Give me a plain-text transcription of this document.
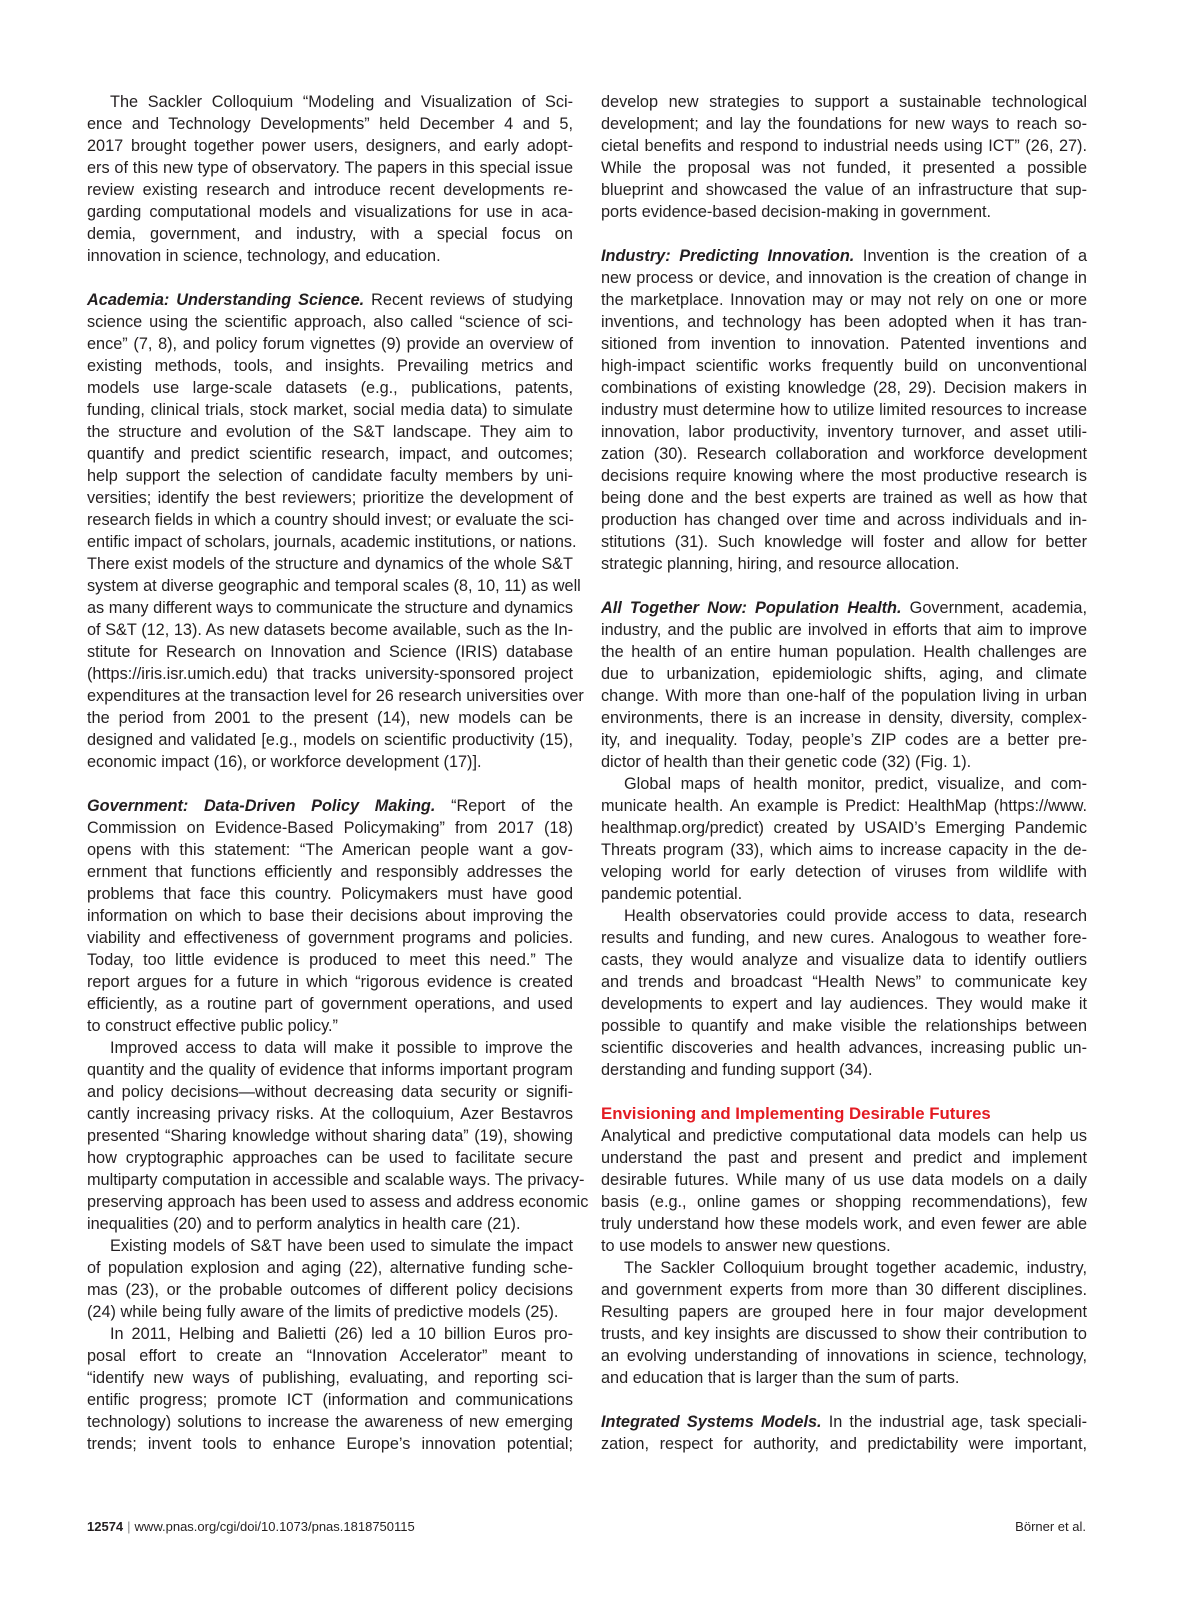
The Sackler Colloquium “Modeling and Visualization of Sci-
ence and Technology Developments” held December 4 and 5,
2017 brought together power users, designers, and early adopt-
ers of this new type of observatory. The papers in this special issue
review existing research and introduce recent developments re-
garding computational models and visualizations for use in aca-
demia, government, and industry, with a special focus on
innovation in science, technology, and education.
Academia: Understanding Science. Recent reviews of studying
science using the scientific approach, also called “science of sci-
ence” (7, 8), and policy forum vignettes (9) provide an overview of
existing methods, tools, and insights. Prevailing metrics and
models use large-scale datasets (e.g., publications, patents,
funding, clinical trials, stock market, social media data) to simulate
the structure and evolution of the S&T landscape. They aim to
quantify and predict scientific research, impact, and outcomes;
help support the selection of candidate faculty members by uni-
versities; identify the best reviewers; prioritize the development of
research fields in which a country should invest; or evaluate the sci-
entific impact of scholars, journals, academic institutions, or nations.
There exist models of the structure and dynamics of the whole S&T
system at diverse geographic and temporal scales (8, 10, 11) as well
as many different ways to communicate the structure and dynamics
of S&T (12, 13). As new datasets become available, such as the In-
stitute for Research on Innovation and Science (IRIS) database
(https://iris.isr.umich.edu) that tracks university-sponsored project
expenditures at the transaction level for 26 research universities over
the period from 2001 to the present (14), new models can be
designed and validated [e.g., models on scientific productivity (15),
economic impact (16), or workforce development (17)].
Government: Data-Driven Policy Making. “Report of the
Commission on Evidence-Based Policymaking” from 2017 (18)
opens with this statement: “The American people want a gov-
ernment that functions efficiently and responsibly addresses the
problems that face this country. Policymakers must have good
information on which to base their decisions about improving the
viability and effectiveness of government programs and policies.
Today, too little evidence is produced to meet this need.” The
report argues for a future in which “rigorous evidence is created
efficiently, as a routine part of government operations, and used
to construct effective public policy.”
Improved access to data will make it possible to improve the
quantity and the quality of evidence that informs important program
and policy decisions—without decreasing data security or signifi-
cantly increasing privacy risks. At the colloquium, Azer Bestavros
presented “Sharing knowledge without sharing data” (19), showing
how cryptographic approaches can be used to facilitate secure
multiparty computation in accessible and scalable ways. The privacy-
preserving approach has been used to assess and address economic
inequalities (20) and to perform analytics in health care (21).
Existing models of S&T have been used to simulate the impact
of population explosion and aging (22), alternative funding sche-
mas (23), or the probable outcomes of different policy decisions
(24) while being fully aware of the limits of predictive models (25).
In 2011, Helbing and Balietti (26) led a 10 billion Euros pro-
posal effort to create an “Innovation Accelerator” meant to
“identify new ways of publishing, evaluating, and reporting sci-
entific progress; promote ICT (information and communications
technology) solutions to increase the awareness of new emerging
trends; invent tools to enhance Europe’s innovation potential;
develop new strategies to support a sustainable technological
development; and lay the foundations for new ways to reach so-
cietal benefits and respond to industrial needs using ICT” (26, 27).
While the proposal was not funded, it presented a possible
blueprint and showcased the value of an infrastructure that sup-
ports evidence-based decision-making in government.
Industry: Predicting Innovation. Invention is the creation of a
new process or device, and innovation is the creation of change in
the marketplace. Innovation may or may not rely on one or more
inventions, and technology has been adopted when it has tran-
sitioned from invention to innovation. Patented inventions and
high-impact scientific works frequently build on unconventional
combinations of existing knowledge (28, 29). Decision makers in
industry must determine how to utilize limited resources to increase
innovation, labor productivity, inventory turnover, and asset utili-
zation (30). Research collaboration and workforce development
decisions require knowing where the most productive research is
being done and the best experts are trained as well as how that
production has changed over time and across individuals and in-
stitutions (31). Such knowledge will foster and allow for better
strategic planning, hiring, and resource allocation.
All Together Now: Population Health. Government, academia,
industry, and the public are involved in efforts that aim to improve
the health of an entire human population. Health challenges are
due to urbanization, epidemiologic shifts, aging, and climate
change. With more than one-half of the population living in urban
environments, there is an increase in density, diversity, complex-
ity, and inequality. Today, people’s ZIP codes are a better pre-
dictor of health than their genetic code (32) (Fig. 1).
Global maps of health monitor, predict, visualize, and com-
municate health. An example is Predict: HealthMap (https://www.
healthmap.org/predict) created by USAID’s Emerging Pandemic
Threats program (33), which aims to increase capacity in the de-
veloping world for early detection of viruses from wildlife with
pandemic potential.
Health observatories could provide access to data, research
results and funding, and new cures. Analogous to weather fore-
casts, they would analyze and visualize data to identify outliers
and trends and broadcast “Health News” to communicate key
developments to expert and lay audiences. They would make it
possible to quantify and make visible the relationships between
scientific discoveries and health advances, increasing public un-
derstanding and funding support (34).
Envisioning and Implementing Desirable Futures
Analytical and predictive computational data models can help us
understand the past and present and predict and implement
desirable futures. While many of us use data models on a daily
basis (e.g., online games or shopping recommendations), few
truly understand how these models work, and even fewer are able
to use models to answer new questions.
The Sackler Colloquium brought together academic, industry,
and government experts from more than 30 different disciplines.
Resulting papers are grouped here in four major development
trusts, and key insights are discussed to show their contribution to
an evolving understanding of innovations in science, technology,
and education that is larger than the sum of parts.
Integrated Systems Models. In the industrial age, task speciali-
zation, respect for authority, and predictability were important,
12574 | www.pnas.org/cgi/doi/10.1073/pnas.1818750115	Börner et al.
